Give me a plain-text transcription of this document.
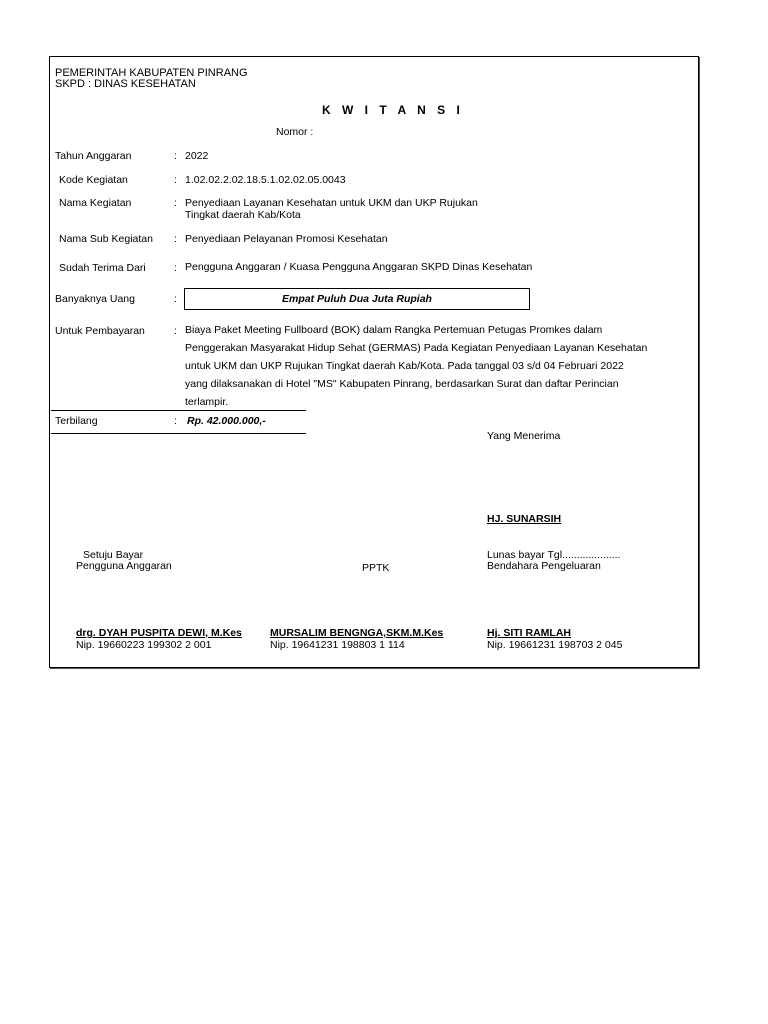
PEMERINTAH KABUPATEN PINRANG
SKPD : DINAS KESEHATAN
K W I T A N S I
Nomor :
Tahun Anggaran	: 2022
Kode Kegiatan	: 1.02.02.2.02.18.5.1.02.02.05.0043
Nama Kegiatan	: Penyediaan Layanan Kesehatan untuk UKM dan UKP Rujukan
Tingkat daerah Kab/Kota
Nama Sub Kegiatan : Penyediaan Pelayanan Promosi Kesehatan
Sudah Terima Dari	: Pengguna Anggaran / Kuasa Pengguna Anggaran SKPD Dinas Kesehatan
Banyaknya Uang	:	Empat Puluh Dua Juta Rupiah
Untuk Pembayaran	: Biaya Paket Meeting Fullboard (BOK) dalam Rangka Pertemuan Petugas Promkes dalam
Penggerakan Masyarakat Hidup Sehat (GERMAS) Pada Kegiatan Penyediaan Layanan Kesehatan
untuk UKM dan UKP Rujukan Tingkat daerah Kab/Kota. Pada tanggal 03 s/d 04 Februari 2022
yang dilaksanakan di Hotel "MS" Kabupaten Pinrang, berdasarkan Surat dan daftar Perincian
terlampir.
Terbilang	: Rp. 42.000.000,-
Yang Menerima
HJ. SUNARSIH
Setuju Bayar
Pengguna Anggaran	PPTK
Lunas bayar Tgl....................
Bendahara Pengeluaran
drg. DYAH PUSPITA DEWI, M.Kes
Nip. 19660223 199302 2 001
MURSALIM BENGNGA,SKM.M.Kes
Nip. 19641231 198803 1 114
Hj. SITI RAMLAH
Nip. 19661231 198703 2 045
